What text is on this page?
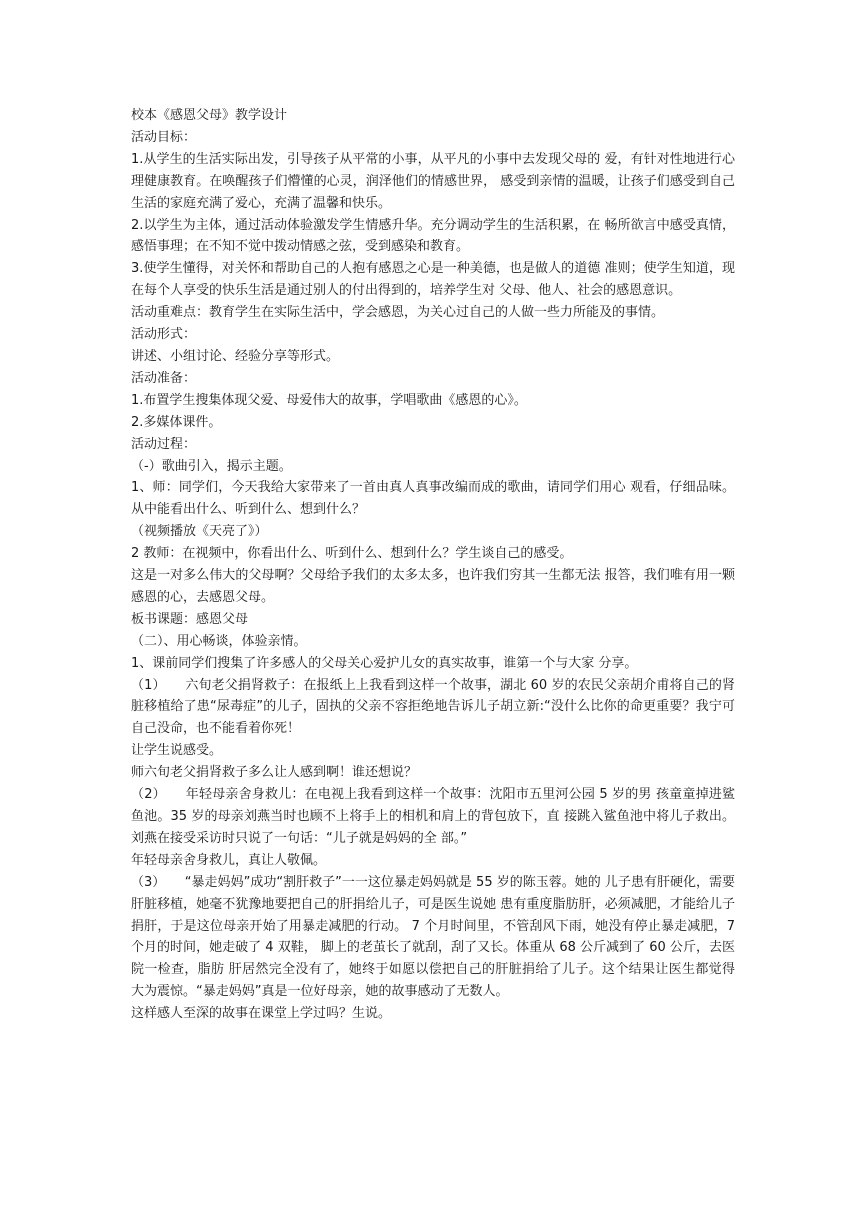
校本《感恩父母》教学设计

活动目标：

1.从学生的生活实际出发，引导孩子从平常的小事，从平凡的小事中去发现父母的 爱，有针对性地进行心理健康教育。在唤醒孩子们懵懂的心灵，润泽他们的情感世界， 感受到亲情的温暖，让孩子们感受到自己生活的家庭充满了爱心，充满了温馨和快乐。

2.以学生为主体，通过活动体验激发学生情感升华。充分调动学生的生活积累，在 畅所欲言中感受真情，感悟事理；在不知不觉中拨动情感之弦，受到感染和教育。

3.使学生懂得，对关怀和帮助自己的人抱有感恩之心是一种美德，也是做人的道德 准则；使学生知道，现在每个人享受的快乐生活是通过别人的付出得到的，培养学生对 父母、他人、社会的感恩意识。

活动重难点：教育学生在实际生活中，学会感恩，为关心过自己的人做一些力所能及的事情。

活动形式：

讲述、小组讨论、经验分享等形式。

活动准备：

1.布置学生搜集体现父爱、母爱伟大的故事，学唱歌曲《感恩的心》。

2.多媒体课件。

活动过程：

（-）歌曲引入，揭示主题。

1、师：同学们，今天我给大家带来了一首由真人真事改编而成的歌曲，请同学们用心 观看，仔细品味。从中能看出什么、听到什么、想到什么？

（视频播放《天亮了》）

2 教师：在视频中，你看出什么、听到什么、想到什么？学生谈自己的感受。

这是一对多么伟大的父母啊？父母给予我们的太多太多，也许我们穷其一生都无法 报答，我们唯有用一颗感恩的心，去感恩父母。

板书课题：感恩父母

（二）、用心畅谈，体验亲情。

1、课前同学们搜集了许多感人的父母关心爱护儿女的真实故事，谁第一个与大家 分享。

（1）　　六旬老父捐肾救子：在报纸上上我看到这样一个故事，湖北 60 岁的农民父亲胡介甫将自己的肾脏移植给了患“尿毒症”的儿子，固执的父亲不容拒绝地告诉儿子胡立新:“没什么比你的命更重要？我宁可自己没命，也不能看着你死！

让学生说感受。

师六旬老父捐肾救子多么让人感到啊！谁还想说？

（2）　　年轻母亲舍身救儿：在电视上我看到这样一个故事：沈阳市五里河公园 5 岁的男 孩童童掉进鲨鱼池。35 岁的母亲刘燕当时也顾不上将手上的相机和肩上的背包放下，直 接跳入鲨鱼池中将儿子救出。刘燕在接受采访时只说了一句话：“儿子就是妈妈的全 部。”

年轻母亲舍身救儿，真让人敬佩。

（3）　　“暴走妈妈”成功“割肝救子”一一这位暴走妈妈就是 55 岁的陈玉蓉。她的 儿子患有肝硬化，需要肝脏移植，她毫不犹豫地要把自己的肝捐给儿子，可是医生说她 患有重度脂肪肝，必须减肥，才能给儿子捐肝，于是这位母亲开始了用暴走减肥的行动。 7 个月时间里，不管刮风下雨，她没有停止暴走减肥，7 个月的时间，她走破了 4 双鞋， 脚上的老茧长了就刮，刮了又长。体重从 68 公斤减到了 60 公斤，去医院一检查，脂肪 肝居然完全没有了，她终于如愿以偿把自己的肝脏捐给了儿子。这个结果让医生都觉得 大为震惊。“暴走妈妈”真是一位好母亲，她的故事感动了无数人。

这样感人至深的故事在课堂上学过吗？生说。
